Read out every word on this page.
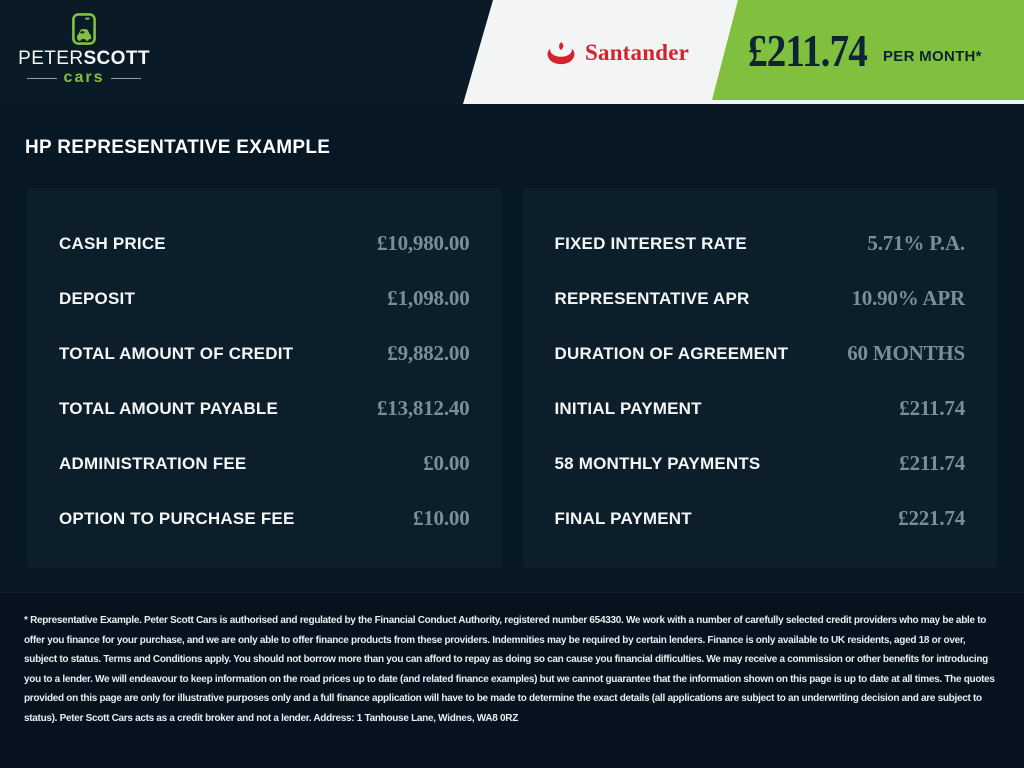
PETERSCOTT
cars
Santander £211.74 PER MONTH*
HP REPRESENTATIVE EXAMPLE
CASH PRICE	£10,980.00
DEPOSIT	£1,098.00
TOTAL AMOUNT OF CREDIT	£9,882.00
TOTAL AMOUNT PAYABLE	£13,812.40
ADMINISTRATION FEE	£0.00
OPTION TO PURCHASE FEE	£10.00
FIXED INTEREST RATE	5.71% P.A.
REPRESENTATIVE APR	10.90% APR
DURATION OF AGREEMENT	60 MONTHS
INITIAL PAYMENT	£211.74
58 MONTHLY PAYMENTS	£211.74
FINAL PAYMENT	£221.74

* Representative Example. Peter Scott Cars is authorised and regulated by the Financial Conduct Authority, registered number 654330. We work with a number of carefully selected credit providers who may be able to offer you finance for your purchase, and we are only able to offer finance products from these providers. Indemnities may be required by certain lenders. Finance is only available to UK residents, aged 18 or over, subject to status. Terms and Conditions apply. You should not borrow more than you can afford to repay as doing so can cause you financial difficulties. We may receive a commission or other benefits for introducing you to a lender. We will endeavour to keep information on the road prices up to date (and related finance examples) but we cannot guarantee that the information shown on this page is up to date at all times. The quotes provided on this page are only for illustrative purposes only and a full finance application will have to be made to determine the exact details (all applications are subject to an underwriting decision and are subject to status). Peter Scott Cars acts as a credit broker and not a lender. Address: 1 Tanhouse Lane, Widnes, WA8 0RZ
